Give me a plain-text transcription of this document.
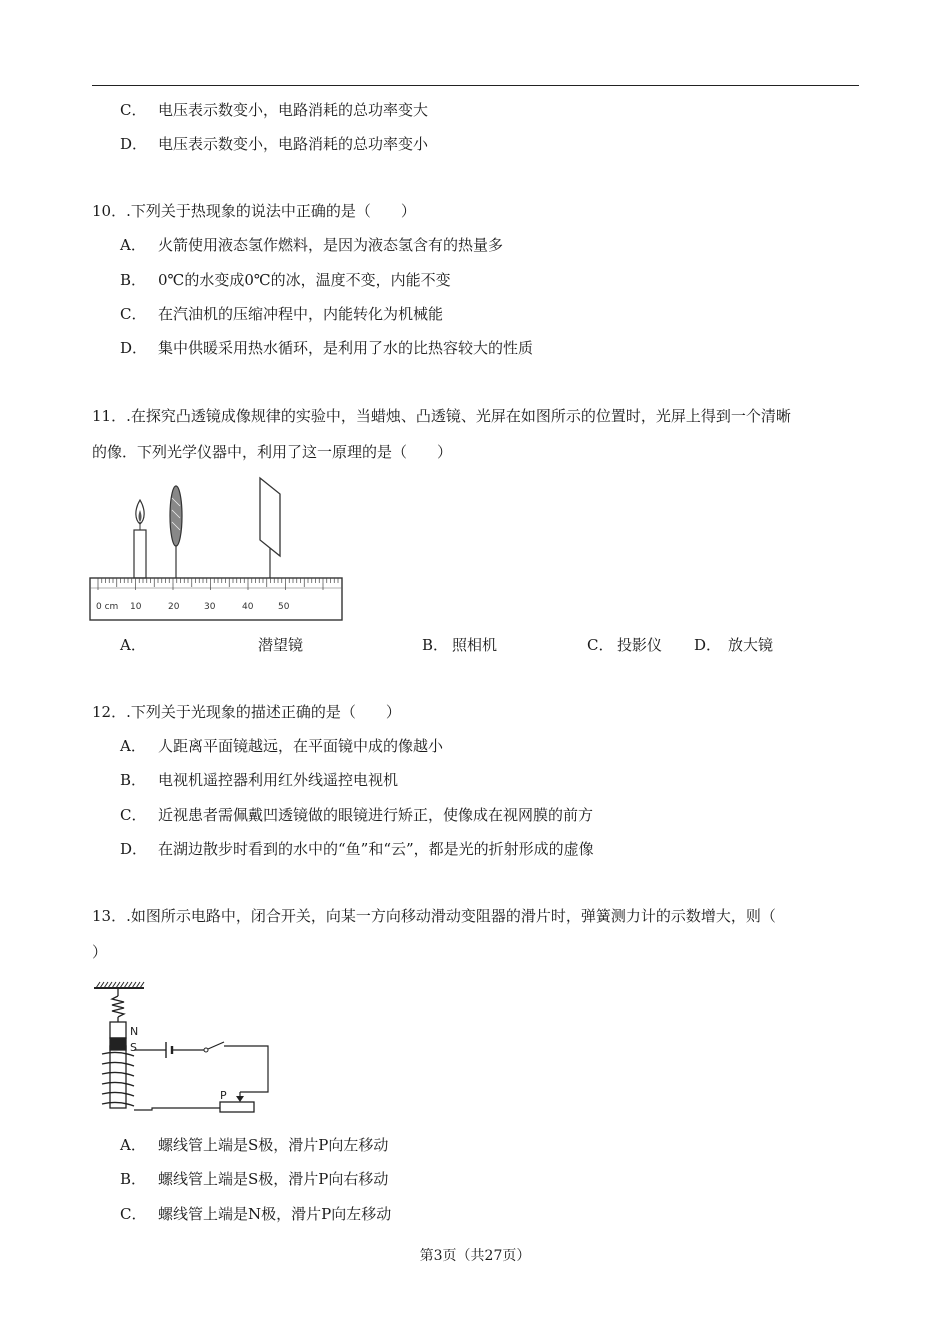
C． 电压表示数变小，电路消耗的总功率变大
D． 电压表示数变小，电路消耗的总功率变小
10．.下列关于热现象的说法中正确的是（　　）
A． 火箭使用液态氢作燃料，是因为液态氢含有的热量多
B． 0℃的水变成0℃的冰，温度不变，内能不变
C． 在汽油机的压缩冲程中，内能转化为机械能
D． 集中供暖采用热水循环，是利用了水的比热容较大的性质
11．.在探究凸透镜成像规律的实验中，当蜡烛、凸透镜、光屏在如图所示的位置时，光屏上得到一个清晰
的像．下列光学仪器中，利用了这一原理的是（　　）
0 cm 10	20	30	40	50
A．	潜望镜	B． 照相机	C． 投影仪 D． 放大镜
12．.下列关于光现象的描述正确的是（　　）
A． 人距离平面镜越远，在平面镜中成的像越小
B． 电视机遥控器利用红外线遥控电视机
C． 近视患者需佩戴凹透镜做的眼镜进行矫正，使像成在视网膜的前方
D． 在湖边散步时看到的水中的“鱼”和“云”，都是光的折射形成的虚像
13．.如图所示电路中，闭合开关，向某一方向移动滑动变阻器的滑片时，弹簧测力计的示数增大，则（
）
N
S
P
A． 螺线管上端是S极，滑片P向左移动
B． 螺线管上端是S极，滑片P向右移动
C． 螺线管上端是N极，滑片P向左移动
第3页（共27页）
